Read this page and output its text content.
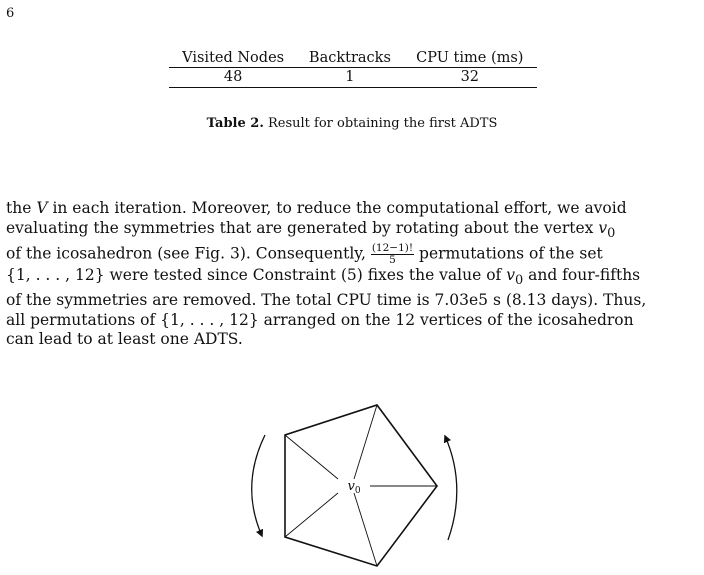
6
Visited Nodes	Backtracks	CPU time (ms)
48	1	32
Table 2. Result for obtaining the first ADTS

the V in each iteration. Moreover, to reduce the computational effort, we avoid
evaluating the symmetries that are generated by rotating about the vertex $v_0$
of the icosahedron (see Fig. 3). Consequently, $\frac{(12-1)!}{5}$ permutations of the set
{1, . . . , 12} were tested since Constraint (5) fixes the value of $v_0$ and four-fifths
of the symmetries are removed. The total CPU time is 7.03e5 s (8.13 days). Thus,
all permutations of {1, . . . , 12} arranged on the 12 vertices of the icosahedron
can lead to at least one ADTS.

$v_0$
